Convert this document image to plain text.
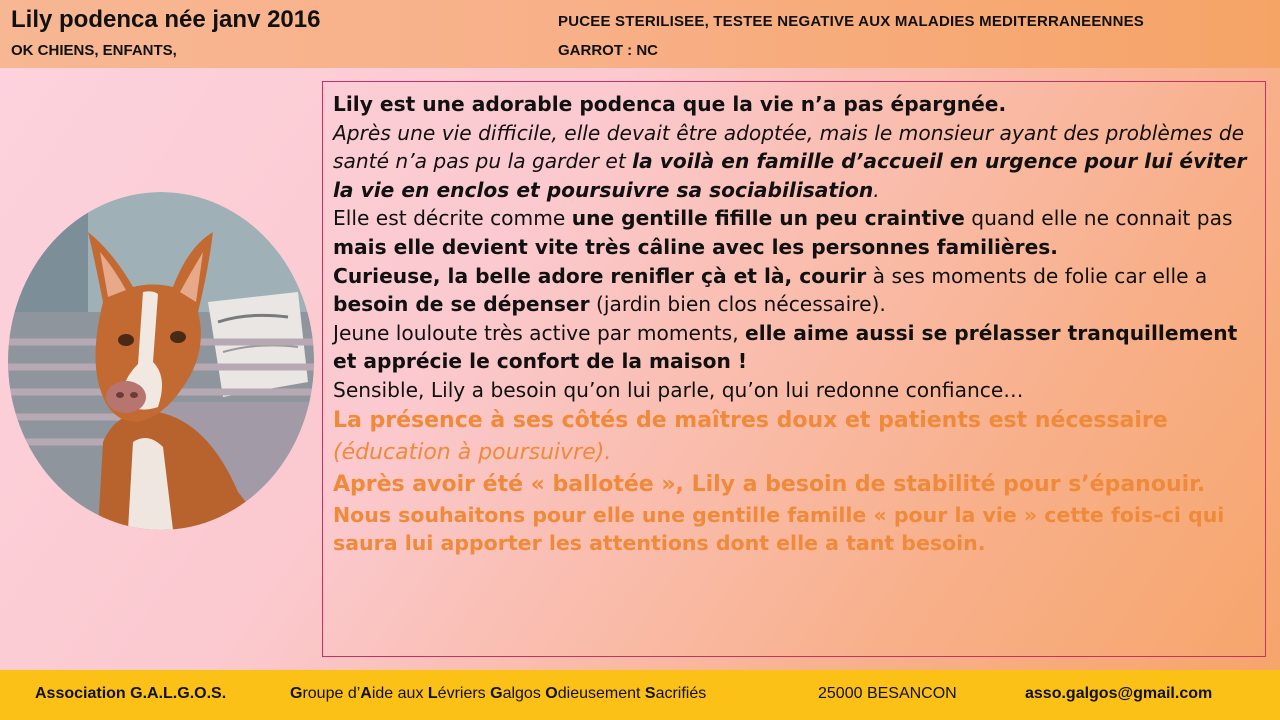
Lily podenca née janv 2016
OK CHIENS, ENFANTS,
PUCEE STERILISEE, TESTEE NEGATIVE AUX MALADIES MEDITERRANEENNES
GARROT : NC

Lily est une adorable podenca que la vie n’a pas épargnée.

Après une vie difficile, elle devait être adoptée, mais le monsieur ayant des problèmes de santé n’a pas pu la garder et la voilà en famille d’accueil en urgence pour lui éviter la vie en enclos et poursuivre sa sociabilisation.

Elle est décrite comme une gentille fifille un peu craintive quand elle ne connait pas mais elle devient vite très câline avec les personnes familières.

Curieuse, la belle adore renifler çà et là, courir à ses moments de folie car elle a besoin de se dépenser (jardin bien clos nécessaire).

Jeune louloute très active par moments, elle aime aussi se prélasser tranquillement et apprécie le confort de la maison !

Sensible, Lily a besoin qu’on lui parle, qu’on lui redonne confiance…

La présence à ses côtés de maîtres doux et patients est nécessaire (éducation à poursuivre).

Après avoir été « ballotée », Lily a besoin de stabilité pour s’épanouir.

Nous souhaitons pour elle une gentille famille « pour la vie » cette fois-ci qui saura lui apporter les attentions dont elle a tant besoin.

Association G.A.L.G.O.S.	Groupe d’Aide aux Lévriers Galgos Odieusement Sacrifiés	25000 BESANCON	asso.galgos@gmail.com
